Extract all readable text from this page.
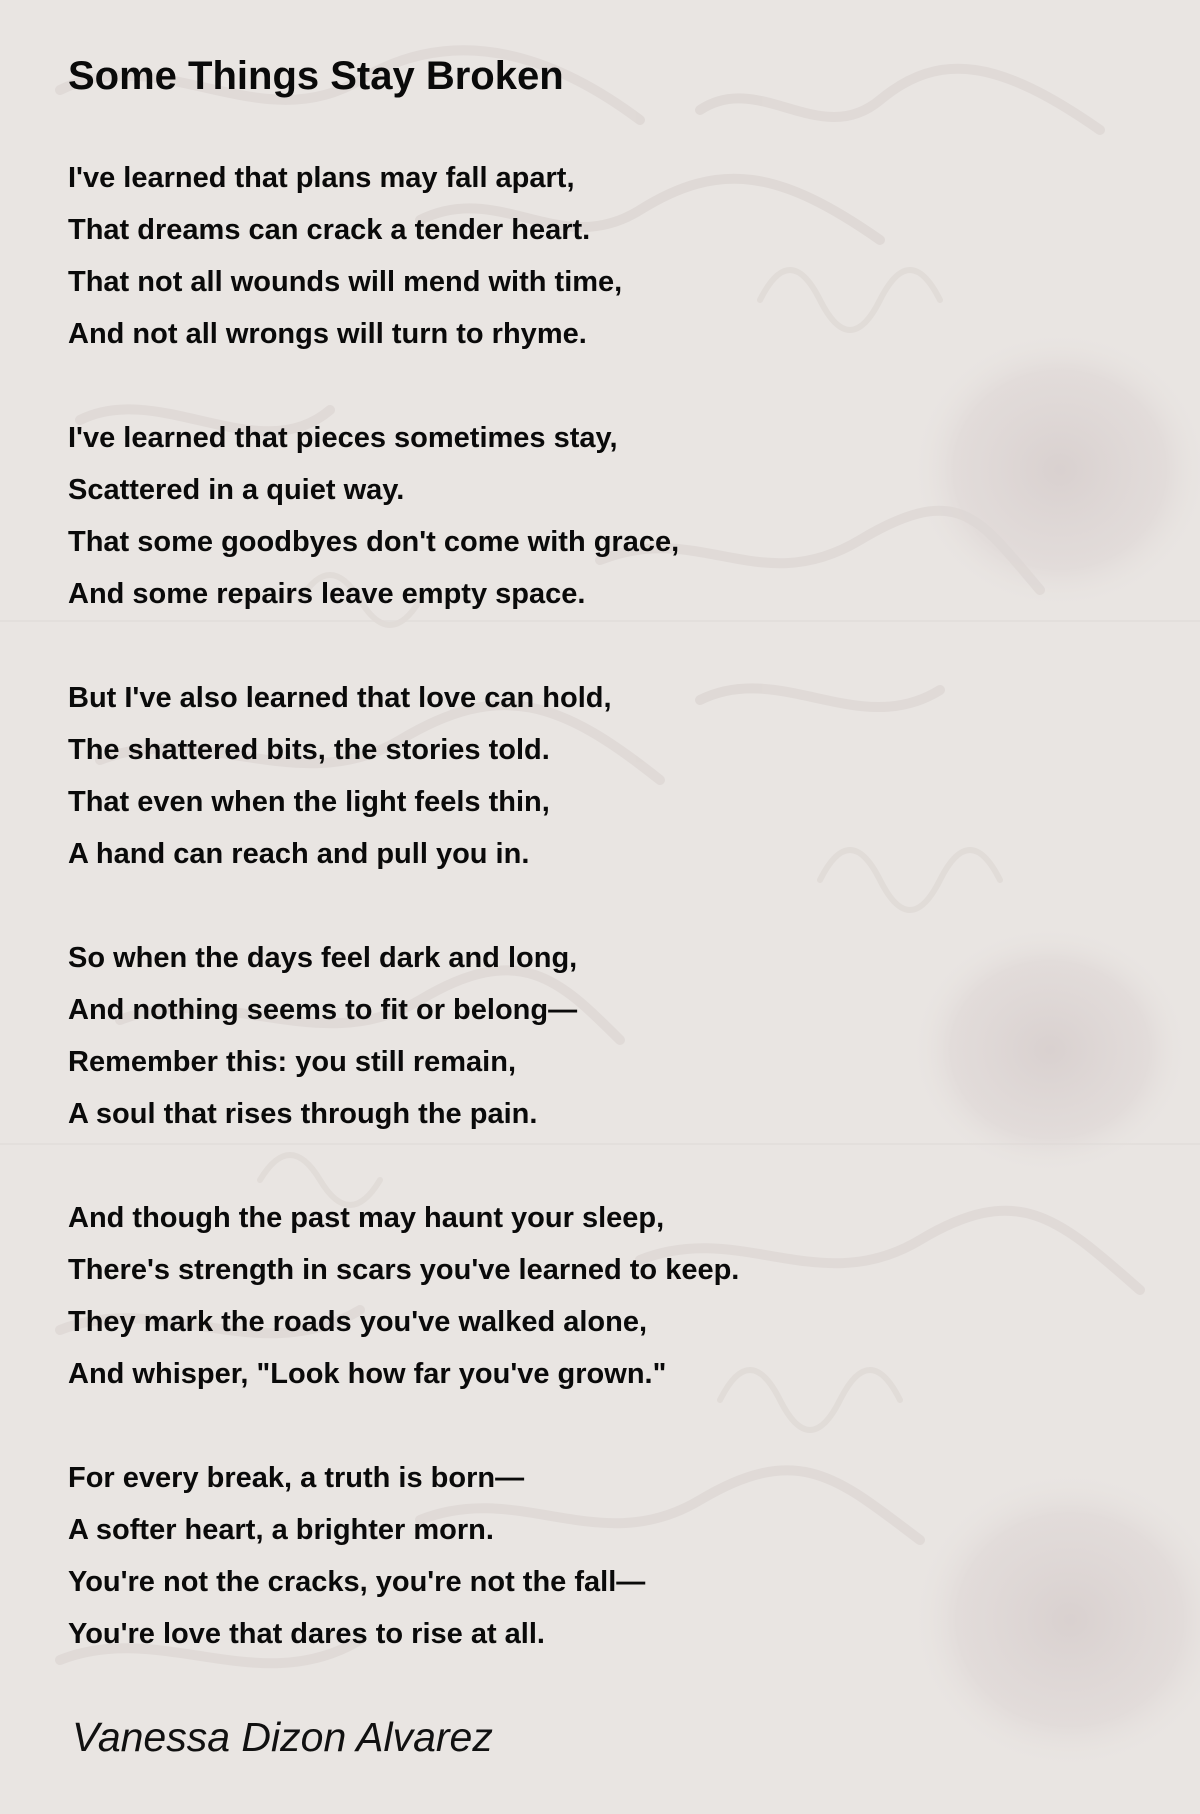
Some Things Stay Broken
I've learned that plans may fall apart,
That dreams can crack a tender heart.
That not all wounds will mend with time,
And not all wrongs will turn to rhyme.
I've learned that pieces sometimes stay,
Scattered in a quiet way.
That some goodbyes don't come with grace,
And some repairs leave empty space.
But I've also learned that love can hold,
The shattered bits, the stories told.
That even when the light feels thin,
A hand can reach and pull you in.
So when the days feel dark and long,
And nothing seems to fit or belong—
Remember this: you still remain,
A soul that rises through the pain.
And though the past may haunt your sleep,
There's strength in scars you've learned to keep.
They mark the roads you've walked alone,
And whisper, "Look how far you've grown."
For every break, a truth is born—
A softer heart, a brighter morn.
You're not the cracks, you're not the fall—
You're love that dares to rise at all.

Vanessa Dizon Alvarez
